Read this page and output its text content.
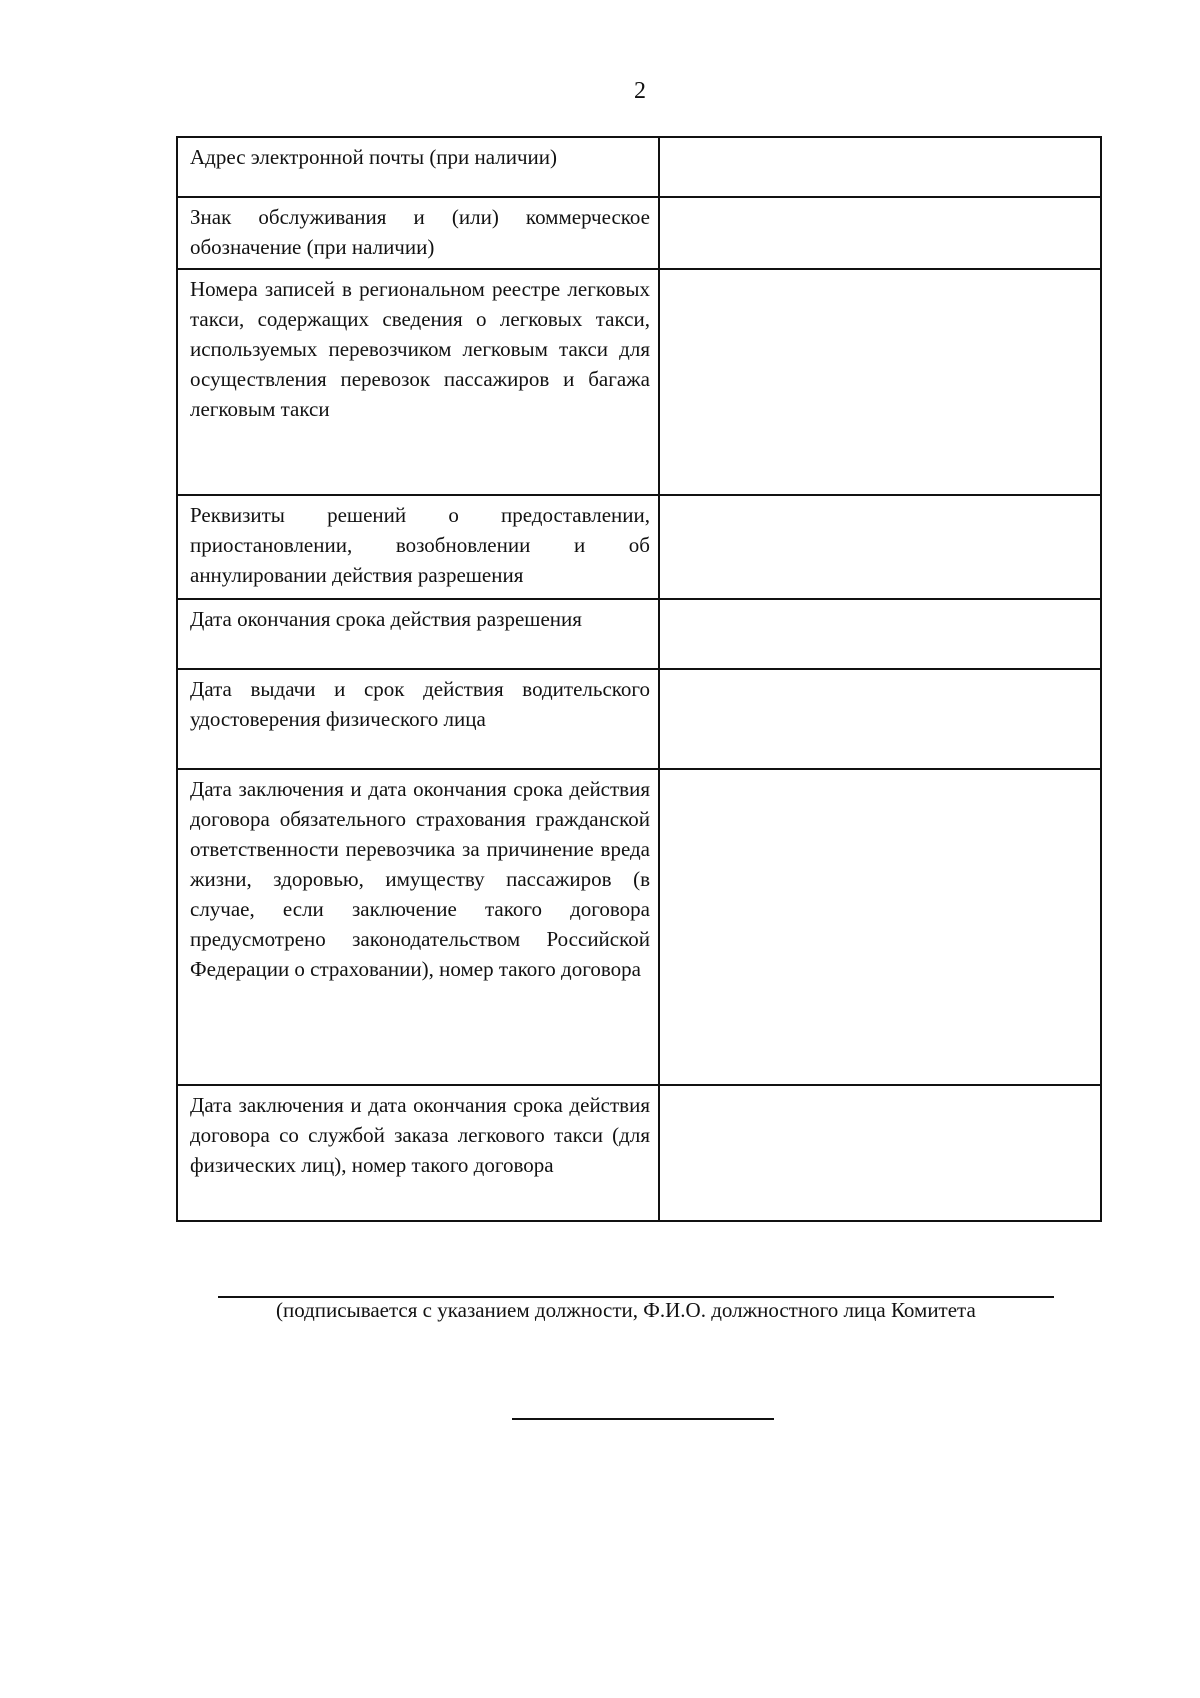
2
Адрес электронной почты (при наличии)	
Знак обслуживания и (или) коммерческое обозначение (при наличии)	
Номера записей в региональном реестре легковых такси, содержащих сведения о легковых такси, используемых перевозчиком легковым такси для осуществления перевозок пассажиров и багажа легковым такси	
Реквизиты решений о предоставлении, приостановлении, возобновлении и об аннулировании действия разрешения	
Дата окончания срока действия разрешения	
Дата выдачи и срок действия водительского удостоверения физического лица	
Дата заключения и дата окончания срока действия договора обязательного страхования гражданской ответственности перевозчика за причинение вреда жизни, здоровью, имуществу пассажиров (в случае, если заключение такого договора предусмотрено законодательством Российской Федерации о страховании), номер такого договора	
Дата заключения и дата окончания срока действия договора со службой заказа легкового такси (для физических лиц), номер такого договора	
(подписывается с указанием должности, Ф.И.О. должностного лица Комитета
